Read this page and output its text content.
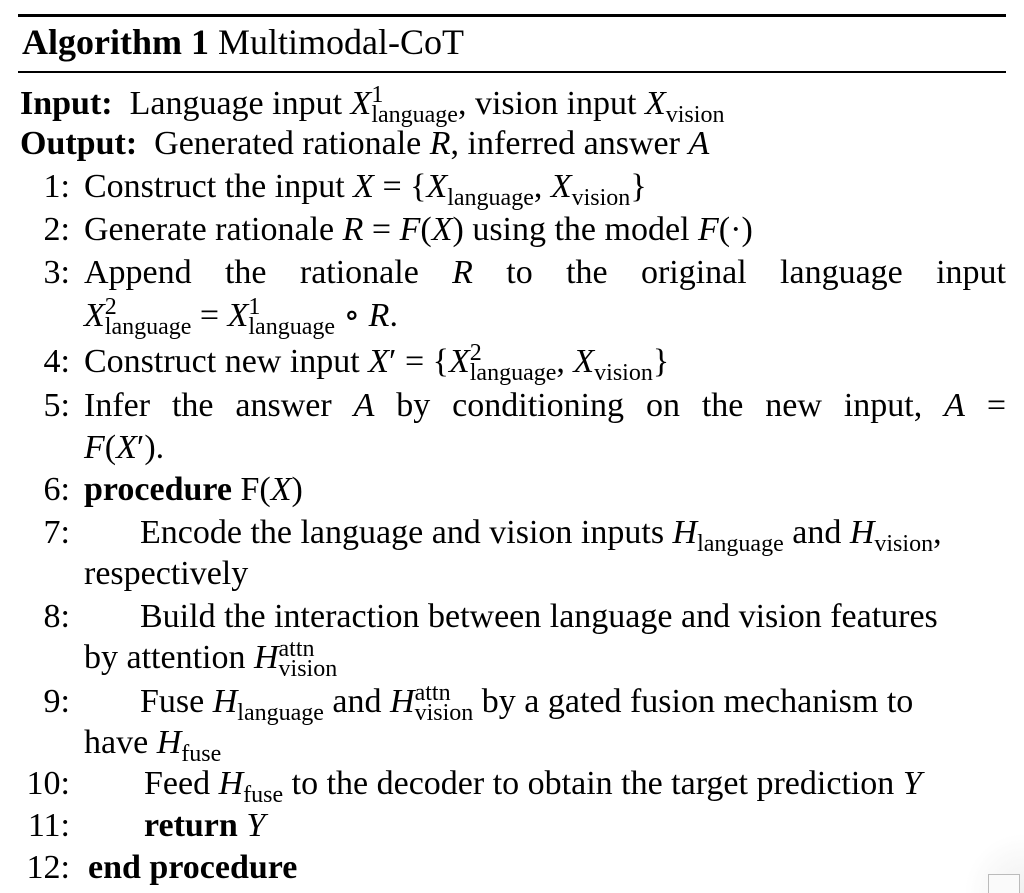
Algorithm 1 Multimodal-CoT
Input: Language input X 1
language, vision input $X_{vision}$
Output: Generated rationale R, inferred answer A
1: Construct the input $X = \{X_{language}$, $X_{vision}$}
2: Generate rationale R = F(X) using the model F(·)
3: Append the rationale R to the original language input
X 2
language = X 1
language ∘ R.
4: Construct new input X′ = {X 2
language, $X_{vision}$}
5: Infer the answer A by conditioning on the new input, A =
F(X′).
6: procedure F(X)
7: Encode the language and vision inputs $H_{language}$ and $H_{vision}$,
respectively
8: Build the interaction between language and vision features
by attention H attn
vision
9: Fuse $H_{language}$ and H attn
vision by a gated fusion mechanism to
have $H_{fuse}$
10: Feed $H_{fuse}$ to the decoder to obtain the target prediction Y
11: return Y
12: end procedure
